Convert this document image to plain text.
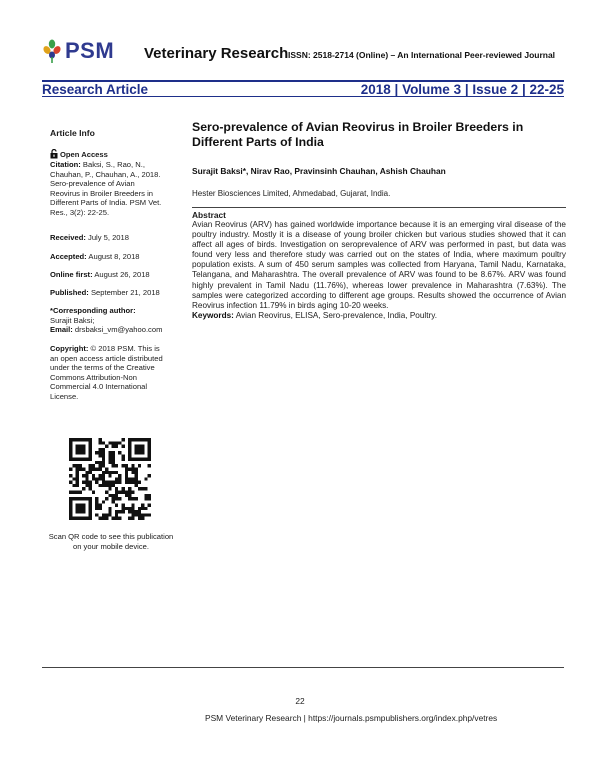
PSM Veterinary Research ISSN: 2518-2714 (Online) – An International Peer-reviewed Journal
Research Article	2018 | Volume 3 | Issue 2 | 22-25
Article Info
Open Access
Citation: Baksi, S., Rao, N., Chauhan, P., Chauhan, A., 2018. Sero-prevalence of Avian Reovirus in Broiler Breeders in Different Parts of India. PSM Vet. Res., 3(2): 22-25.
Received: July 5, 2018
Accepted: August 8, 2018
Online first: August 26, 2018
Published: September 21, 2018
*Corresponding author:
Surajit Baksi;
Email: drsbaksi_vm@yahoo.com
Copyright: © 2018 PSM. This is an open access article distributed under the terms of the Creative Commons Attribution-Non Commercial 4.0 International License.
Scan QR code to see this publication on your mobile device.
Sero-prevalence of Avian Reovirus in Broiler Breeders in Different Parts of India
Surajit Baksi*, Nirav Rao, Pravinsinh Chauhan, Ashish Chauhan
Hester Biosciences Limited, Ahmedabad, Gujarat, India.
Abstract
Avian Reovirus (ARV) has gained worldwide importance because it is an emerging viral disease of the poultry industry. Mostly it is a disease of young broiler chicken but various studies showed that it can affect all ages of birds. Investigation on seroprevalence of ARV was performed in past, but data was found very less and therefore study was carried out on the states of India, where maximum poultry population exists. A sum of 450 serum samples was collected from Haryana, Tamil Nadu, Karnataka, Telangana, and Maharashtra. The overall prevalence of ARV was found to be 8.67%. ARV was found highly prevalent in Tamil Nadu (11.76%), whereas lower prevalence in Maharashtra (7.63%). The samples were categorized according to different age groups. Results showed the occurrence of Avian Reovirus infection 11.79% in birds aging 10-20 weeks.
Keywords: Avian Reovirus, ELISA, Sero-prevalence, India, Poultry.
22
PSM Veterinary Research | https://journals.psmpublishers.org/index.php/vetres
